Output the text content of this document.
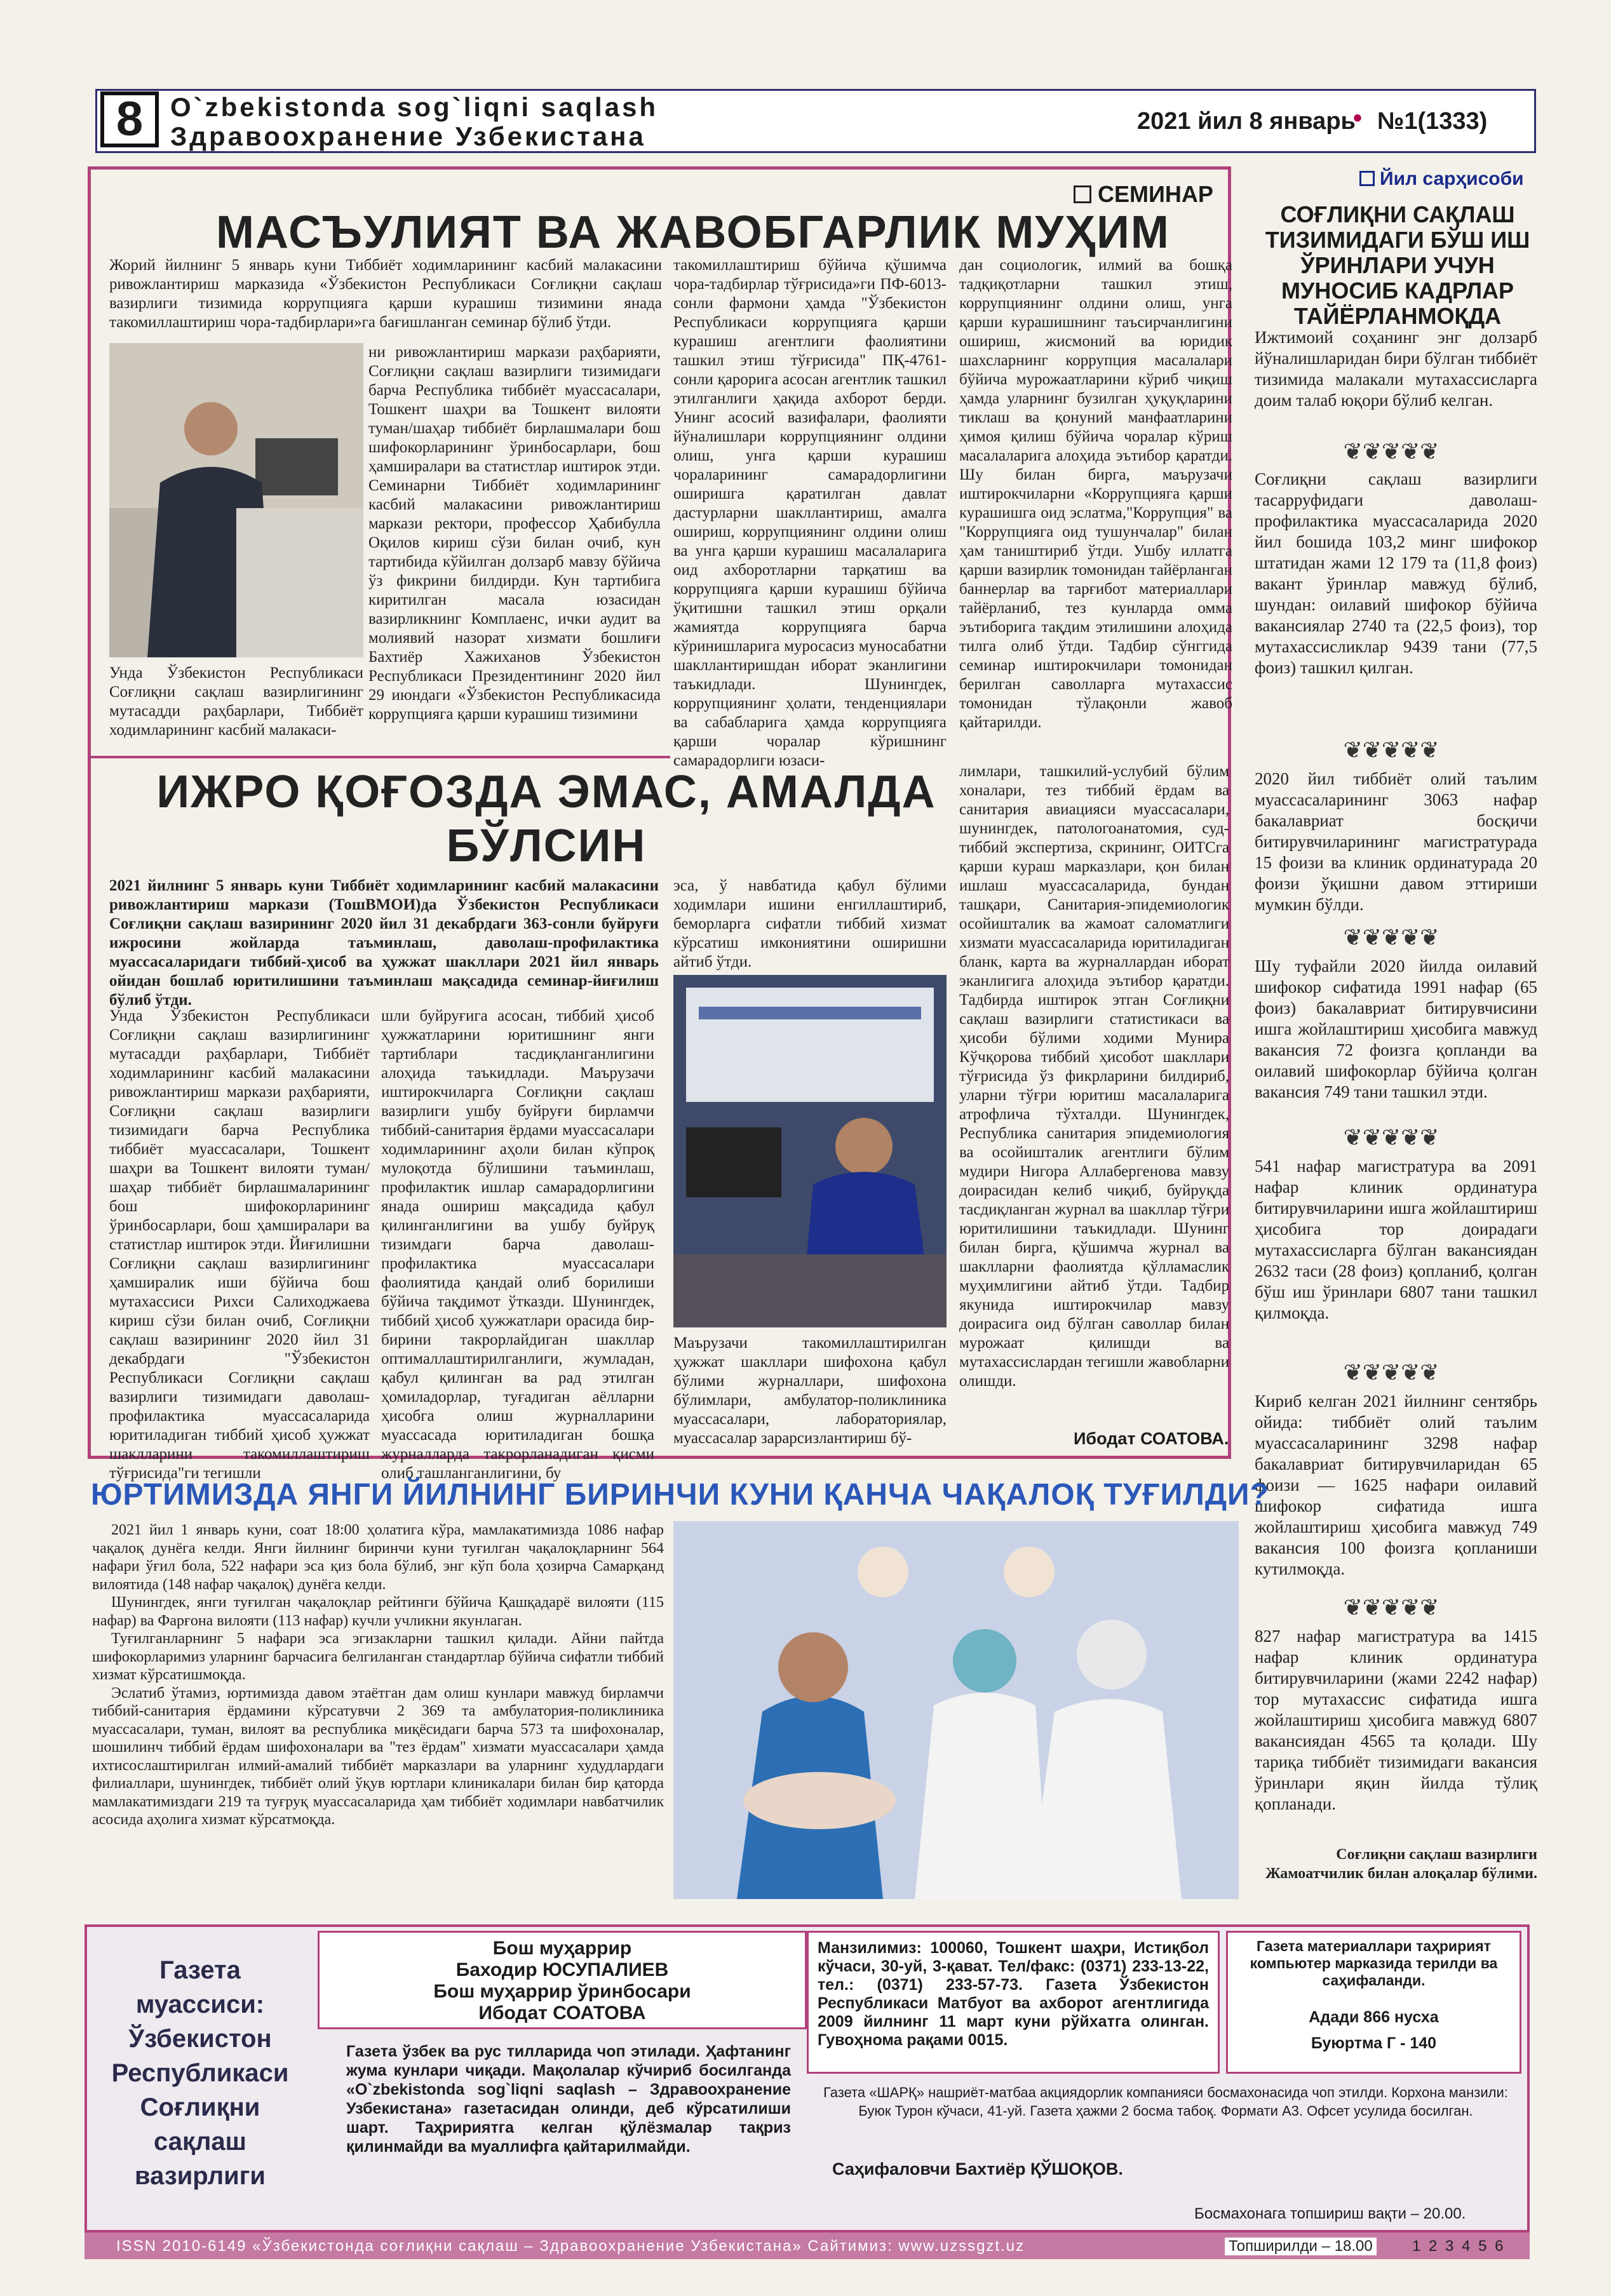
8	O`zbekistonda sog`liqni saqlash
Здравоохранение Узбекистана	2021 йил 8 январь
• №1(1333)
СЕМИНАР
МАСЪУЛИЯТ ВА ЖАВОБГАРЛИК МУҲИМ
Жорий йилнинг 5 январь куни Тиббиёт ходимларининг касбий малакасини ривожлантириш марказида «Ўзбекистон Республикаси Соғлиқни сақлаш вазирлиги тизимида коррупцияга қарши курашиш тизимини янада такомиллаштириш чора-тадбирлари»га бағишланган семинар бўлиб ўтди.
ни ривожлантириш маркази раҳбарияти, Соғлиқни сақлаш вазирлиги тизимидаги барча Республика тиббиёт муассасалари, Тошкент шаҳри ва Тошкент вилояти туман/шаҳар тиббиёт бирлашмалари бош шифокорларининг ўринбосарлари, бош ҳамширалари ва статистлар иштирок этди. Семинарни Тиббиёт ходимларининг касбий малакасини ривожлантириш маркази ректори, профессор Ҳабибулла Оқилов кириш сўзи билан очиб, кун тартибида кўйилган долзарб мавзу бўйича ўз фикрини билдирди. Кун тартибига киритилган масала юзасидан вазирликнинг Комплаенс, ички аудит ва молиявий назорат хизмати бошлиғи Бахтиёр Хажиханов Ўзбекистон Республикаси Президентининг 2020 йил 29 июндаги «Ўзбекистон Республикасида коррупцияга қарши курашиш тизимини
Унда Ўзбекистон Республикаси Соғлиқни сақлаш вазирлигининг мутасадди раҳбарлари, Тиббиёт ходимларининг касбий малакаси-
такомиллаштириш бўйича қўшимча чора-тадбирлар тўғрисида»ги ПФ-6013-сонли фармони ҳамда "Ўзбекистон Республикаси коррупцияга қарши курашиш агентлиги фаолиятини ташкил этиш тўғрисида" ПҚ-4761-сонли қарорига асосан агентлик ташкил этилганлиги ҳақида ахборот берди. Унинг асосий вазифалари, фаолияти йўналишлари коррупциянинг олдини олиш, унга қарши курашиш чораларининг самарадорлигини оширишга қаратилган давлат дастурларни шакллантириш, амалга ошириш, коррупциянинг олдини олиш ва унга қарши курашиш масалаларига оид ахборотларни тарқатиш ва коррупцияга қарши курашиш бўйича ўқитишни ташкил этиш орқали жамиятда коррупцияга барча кўринишларига муросасиз муносабатни шакллантиришдан иборат эканлигини таъкидлади. Шунингдек, коррупциянинг ҳолати, тенденциялари ва сабабларига ҳамда коррупцияга қарши чоралар кўришнинг самарадорлиги юзаси-
дан социологик, илмий ва бошқа тадқиқотларни ташкил этиш, коррупциянинг олдини олиш, унга қарши курашишнинг таъсирчанлигини ошириш, жисмоний ва юридик шахсларнинг коррупция масалалари бўйича мурожаатларини кўриб чиқиш ҳамда уларнинг бузилган ҳуқуқларини тиклаш ва қонуний манфаатларини ҳимоя қилиш бўйича чоралар кўриш масалаларига алоҳида эътибор қаратди. Шу билан бирга, маърузачи иштирокчиларни «Коррупцияга қарши курашишга оид эслатма,"Коррупция" ва "Коррупцияга оид тушунчалар" билан ҳам таништириб ўтди. Ушбу иллатга қарши вазирлик томонидан тайёрланган баннерлар ва тарғибот материаллари тайёрланиб, тез кунларда омма эътиборига тақдим этилишини алоҳида тилга олиб ўтди. Тадбир сўнггида семинар иштирокчилари томонидан берилган саволларга мутахассис томонидан тўлақонли жавоб қайтарилди.
ИЖРО ҚОҒОЗДА ЭМАС, АМАЛДА
БЎЛСИН
2021 йилнинг 5 январь куни Тиббиёт ходимларининг касбий малакасини ривожлантириш маркази (ТошВМОИ)да Ўзбекистон Республикаси Соғлиқни сақлаш вазирининг 2020 йил 31 декабрдаги 363-сонли буйруғи ижросини жойларда таъминлаш, даволаш-профилактика муассасаларидаги тиббий-ҳисоб ва ҳужжат шакллари 2021 йил январь ойидан бошлаб юритилишини таъминлаш мақсадида семинар-йиғилиш бўлиб ўтди.
Унда Ўзбекистон Республикаси Соғлиқни сақлаш вазирлигининг мутасадди раҳбарлари, Тиббиёт ходимларининг касбий малакасини ривожлантириш маркази раҳбарияти, Соғлиқни сақлаш вазирлиги тизимидаги барча Республика тиббиёт муассасалари, Тошкент шаҳри ва Тошкент вилояти туман/шаҳар тиббиёт бирлашмаларининг бош шифокорларининг ўринбосарлари, бош ҳамширалари ва статистлар иштирок этди. Йиғилишни Соғлиқни сақлаш вазирлигининг ҳамширалик иши бўйича бош мутахассиси Рихси Салиходжаева кириш сўзи билан очиб, Соғлиқни сақлаш вазирининг 2020 йил 31 декабрдаги "Ўзбекистон Республикаси Соғлиқни сақлаш вазирлиги тизимидаги даволаш-профилактика муассасаларида юритиладиган тиббий ҳисоб ҳужжат шаклларини такомиллаштириш тўғрисида"ги тегишли
шли буйруғига асосан, тиббий ҳисоб ҳужжатларини юритишнинг янги тартиблари тасдиқланганлигини алоҳида таъкидлади. Маърузачи иштирокчиларга Соғлиқни сақлаш вазирлиги ушбу буйруғи бирламчи тиббий-санитария ёрдами муассасалари ходимларининг аҳоли билан кўпроқ мулоқотда бўлишини таъминлаш, профилактик ишлар самарадорлигини янада ошириш мақсадида қабул қилинганлигини ва ушбу буйруқ тизимдаги барча даволаш-профилактика муассасалари фаолиятида қандай олиб борилиши бўйича тақдимот ўтказди. Шунингдек, тиббий ҳисоб ҳужжатлари орасида бир-бирини такрорлайдиган шакллар оптималлаштирилганлиги, жумладан, қабул қилинган ва рад этилган ҳомиладорлар, туғадиган аёлларни ҳисобга олиш журналларини муассасада юритиладиган бошқа журналларда такрорланадиган қисми олиб ташланганлигини, бу
эса, ў навбатида қабул бўлими ходимлари ишини енгиллаштириб, беморларга сифатли тиббий хизмат кўрсатиш имкониятини оширишни айтиб ўтди.
Маърузачи такомиллаштирилган ҳужжат шакллари шифохона қабул бўлими журналлари, шифохона бўлимлари, амбулатор-поликлиника муассасалари, лабораториялар, муассасалар зарарсизлантириш бў-
лимлари, ташкилий-услубий бўлим хоналари, тез тиббий ёрдам ва санитария авиацияси муассасалари, шунингдек, патологоанатомия, суд-тиббий экспертиза, скрининг, ОИТСга қарши кураш марказлари, қон билан ишлаш муассасаларида, бундан ташқари, Санитария-эпидемиологик осойишталик ва жамоат саломатлиги хизмати муассасаларида юритиладиган бланк, карта ва журналлардан иборат эканлигига алоҳида эътибор қаратди. Тадбирда иштирок этган Соғлиқни сақлаш вазирлиги статистикаси ва ҳисоби бўлими ходими Мунира Кўчқорова тиббий ҳисобот шакллари тўғрисида ўз фикрларини билдириб, уларни тўғри юритиш масалаларига атрофлича тўхталди. Шунингдек, Республика санитария эпидемиология ва осойишталик агентлиги бўлим мудири Нигора Аллабергенова мавзу доирасидан келиб чиқиб, буйруқда тасдиқланган журнал ва шакллар тўғри юритилишини таъкидлади. Шунинг билан бирга, қўшимча журнал ва шаклларни фаолиятда қўлламаслик муҳимлигини айтиб ўтди. Тадбир якунида иштирокчилар мавзу доирасига оид бўлган саволлар билан мурожаат қилишди ва мутахассислардан тегишли жавобларни олишди.
Ибодат СОАТОВА.
Йил сарҳисоби
СОҒЛИҚНИ САҚЛАШ ТИЗИМИДАГИ БЎШ ИШ ЎРИНЛАРИ УЧУН МУНОСИБ КАДРЛАР ТАЙЁРЛАНМОҚДА
Ижтимоий соҳанинг энг долзарб йўналишларидан бири бўлган тиббиёт тизимида малакали мутахассисларга доим талаб юқори бўлиб келган.
❦❦❦❦❦
Соғлиқни сақлаш вазирлиги тасарруфидаги даволаш-профилактика муассасаларида 2020 йил бошида 103,2 минг шифокор штатидан жами 12 179 та (11,8 фоиз) вакант ўринлар мавжуд бўлиб, шундан: оилавий шифокор бўйича вакансиялар 2740 та (22,5 фоиз), тор мутахассисликлар 9439 тани (77,5 фоиз) ташкил қилган.
❦❦❦❦❦
2020 йил тиббиёт олий таълим муассасаларининг 3063 нафар бакалавриат босқичи битирувчиларининг магистратурада 15 фоизи ва клиник ординатурада 20 фоизи ўқишни давом эттириши мумкин бўлди.
❦❦❦❦❦
Шу туфайли 2020 йилда оилавий шифокор сифатида 1991 нафар (65 фоиз) бакалавриат битирувчисини ишга жойлаштириш ҳисобига мавжуд вакансия 72 фоизга қопланди ва оилавий шифокорлар бўйича қолган вакансия 749 тани ташкил этди.
❦❦❦❦❦
541 нафар магистратура ва 2091 нафар клиник ординатура битирувчиларини ишга жойлаштириш ҳисобига тор доирадаги мутахассисларга бўлган вакансиядан 2632 таси (28 фоиз) қопланиб, қолган бўш иш ўринлари 6807 тани ташкил қилмоқда.
❦❦❦❦❦
Кириб келган 2021 йилнинг сентябрь ойида: тиббиёт олий таълим муассасаларининг 3298 нафар бакалавриат битирувчиларидан 65 фоизи — 1625 нафари оилавий шифокор сифатида ишга жойлаштириш ҳисобига мавжуд 749 вакансия 100 фоизга қопланиши кутилмоқда.
❦❦❦❦❦
827 нафар магистратура ва 1415 нафар клиник ординатура битирувчиларини (жами 2242 нафар) тор мутахассис сифатида ишга жойлаштириш ҳисобига мавжуд 6807 вакансиядан 4565 та қолади. Шу тариқа тиббиёт тизимидаги вакансия ўринлари яқин йилда тўлиқ қопланади.
Соғлиқни сақлаш вазирлиги Жамоатчилик билан алоқалар бўлими.
ЮРТИМИЗДА ЯНГИ ЙИЛНИНГ БИРИНЧИ КУНИ ҚАНЧА ЧАҚАЛОҚ ТУҒИЛДИ?
2021 йил 1 январь куни, соат 18:00 ҳолатига кўра, мамлакатимизда 1086 нафар чақалоқ дунёга келди. Янги йилнинг биринчи куни туғилган чақалоқларнинг 564 нафари ўғил бола, 522 нафари эса қиз бола бўлиб, энг кўп бола ҳозирча Самарқанд вилоятида (148 нафар чақалоқ) дунёга келди.
Шунингдек, янги туғилган чақалоқлар рейтинги бўйича Қашқадарё вилояти (115 нафар) ва Фарғона вилояти (113 нафар) кучли учликни якунлаган.
Туғилганларнинг 5 нафари эса эгизакларни ташкил қилади. Айни пайтда шифокорларимиз уларнинг барчасига белгиланган стандартлар бўйича сифатли тиббий хизмат кўрсатишмоқда.
Эслатиб ўтамиз, юртимизда давом этаётган дам олиш кунлари мавжуд бирламчи тиббий-санитария ёрдамини кўрсатувчи 2 369 та амбулатория-поликлиника муассасалари, туман, вилоят ва республика миқёсидаги барча 573 та шифохоналар, шошилинч тиббий ёрдам шифохоналари ва "тез ёрдам" хизмати муассасалари ҳамда ихтисослаштирилган илмий-амалий тиббиёт марказлари ва уларнинг худудлардаги филиаллари, шунингдек, тиббиёт олий ўқув юртлари клиникалари билан бир қаторда мамлакатимиздаги 219 та туғруқ муассасаларида ҳам тиббиёт ходимлари навбатчилик асосида аҳолига хизмат кўрсатмоқда.
Газета муассиси: Ўзбекистон Республикаси Соғлиқни сақлаш вазирлиги
Бош муҳаррир
Баходир ЮСУПАЛИЕВ
Бош муҳаррир ўринбосари
Ибодат СОАТОВА
Манзилимиз: 100060, Тошкент шаҳри, Истиқбол кўчаси, 30-уй, 3-қават. Тел/факс: (0371) 233-13-22, тел.: (0371) 233-57-73. Газета Ўзбекистон Республикаси Матбуот ва ахборот агентлигида 2009 йилнинг 11 март куни рўйхатга олинган. Гувоҳнома рақами 0015.
Газета материаллари таҳририят компьютер марказида терилди ва саҳифаланди.
Адади 866 нусха
Буюртма Г - 140
Газета ўзбек ва рус тилларида чоп этилади. Ҳафтанинг жума кунлари чиқади. Мақолалар кўчириб босилганда «O`zbekistonda sog`liqni saqlash – Здравоохранение Узбекистана» газетасидан олинди, деб кўрсатилиши шарт. Таҳририятга келган қўлёзмалар тақриз қилинмайди ва муаллифга қайтарилмайди.
Газета «ШАРҚ» нашриёт-матбаа акциядорлик компанияси босмахонасида чоп этилди. Корхона манзили: Буюк Турон кўчаси, 41-уй. Газета ҳажми 2 босма табоқ. Формати А3. Офсет усулида босилган.
Саҳифаловчи Бахтиёр ҚЎШОҚОВ.
Босмахонага топшириш вақти – 20.00.
ISSN 2010-6149 «Ўзбекистонда соғлиқни сақлаш – Здравоохранение Узбекистана» Сайтимиз: www.uzssgzt.uz	Топширилди – 18.00	1 2 3 4 5 6
